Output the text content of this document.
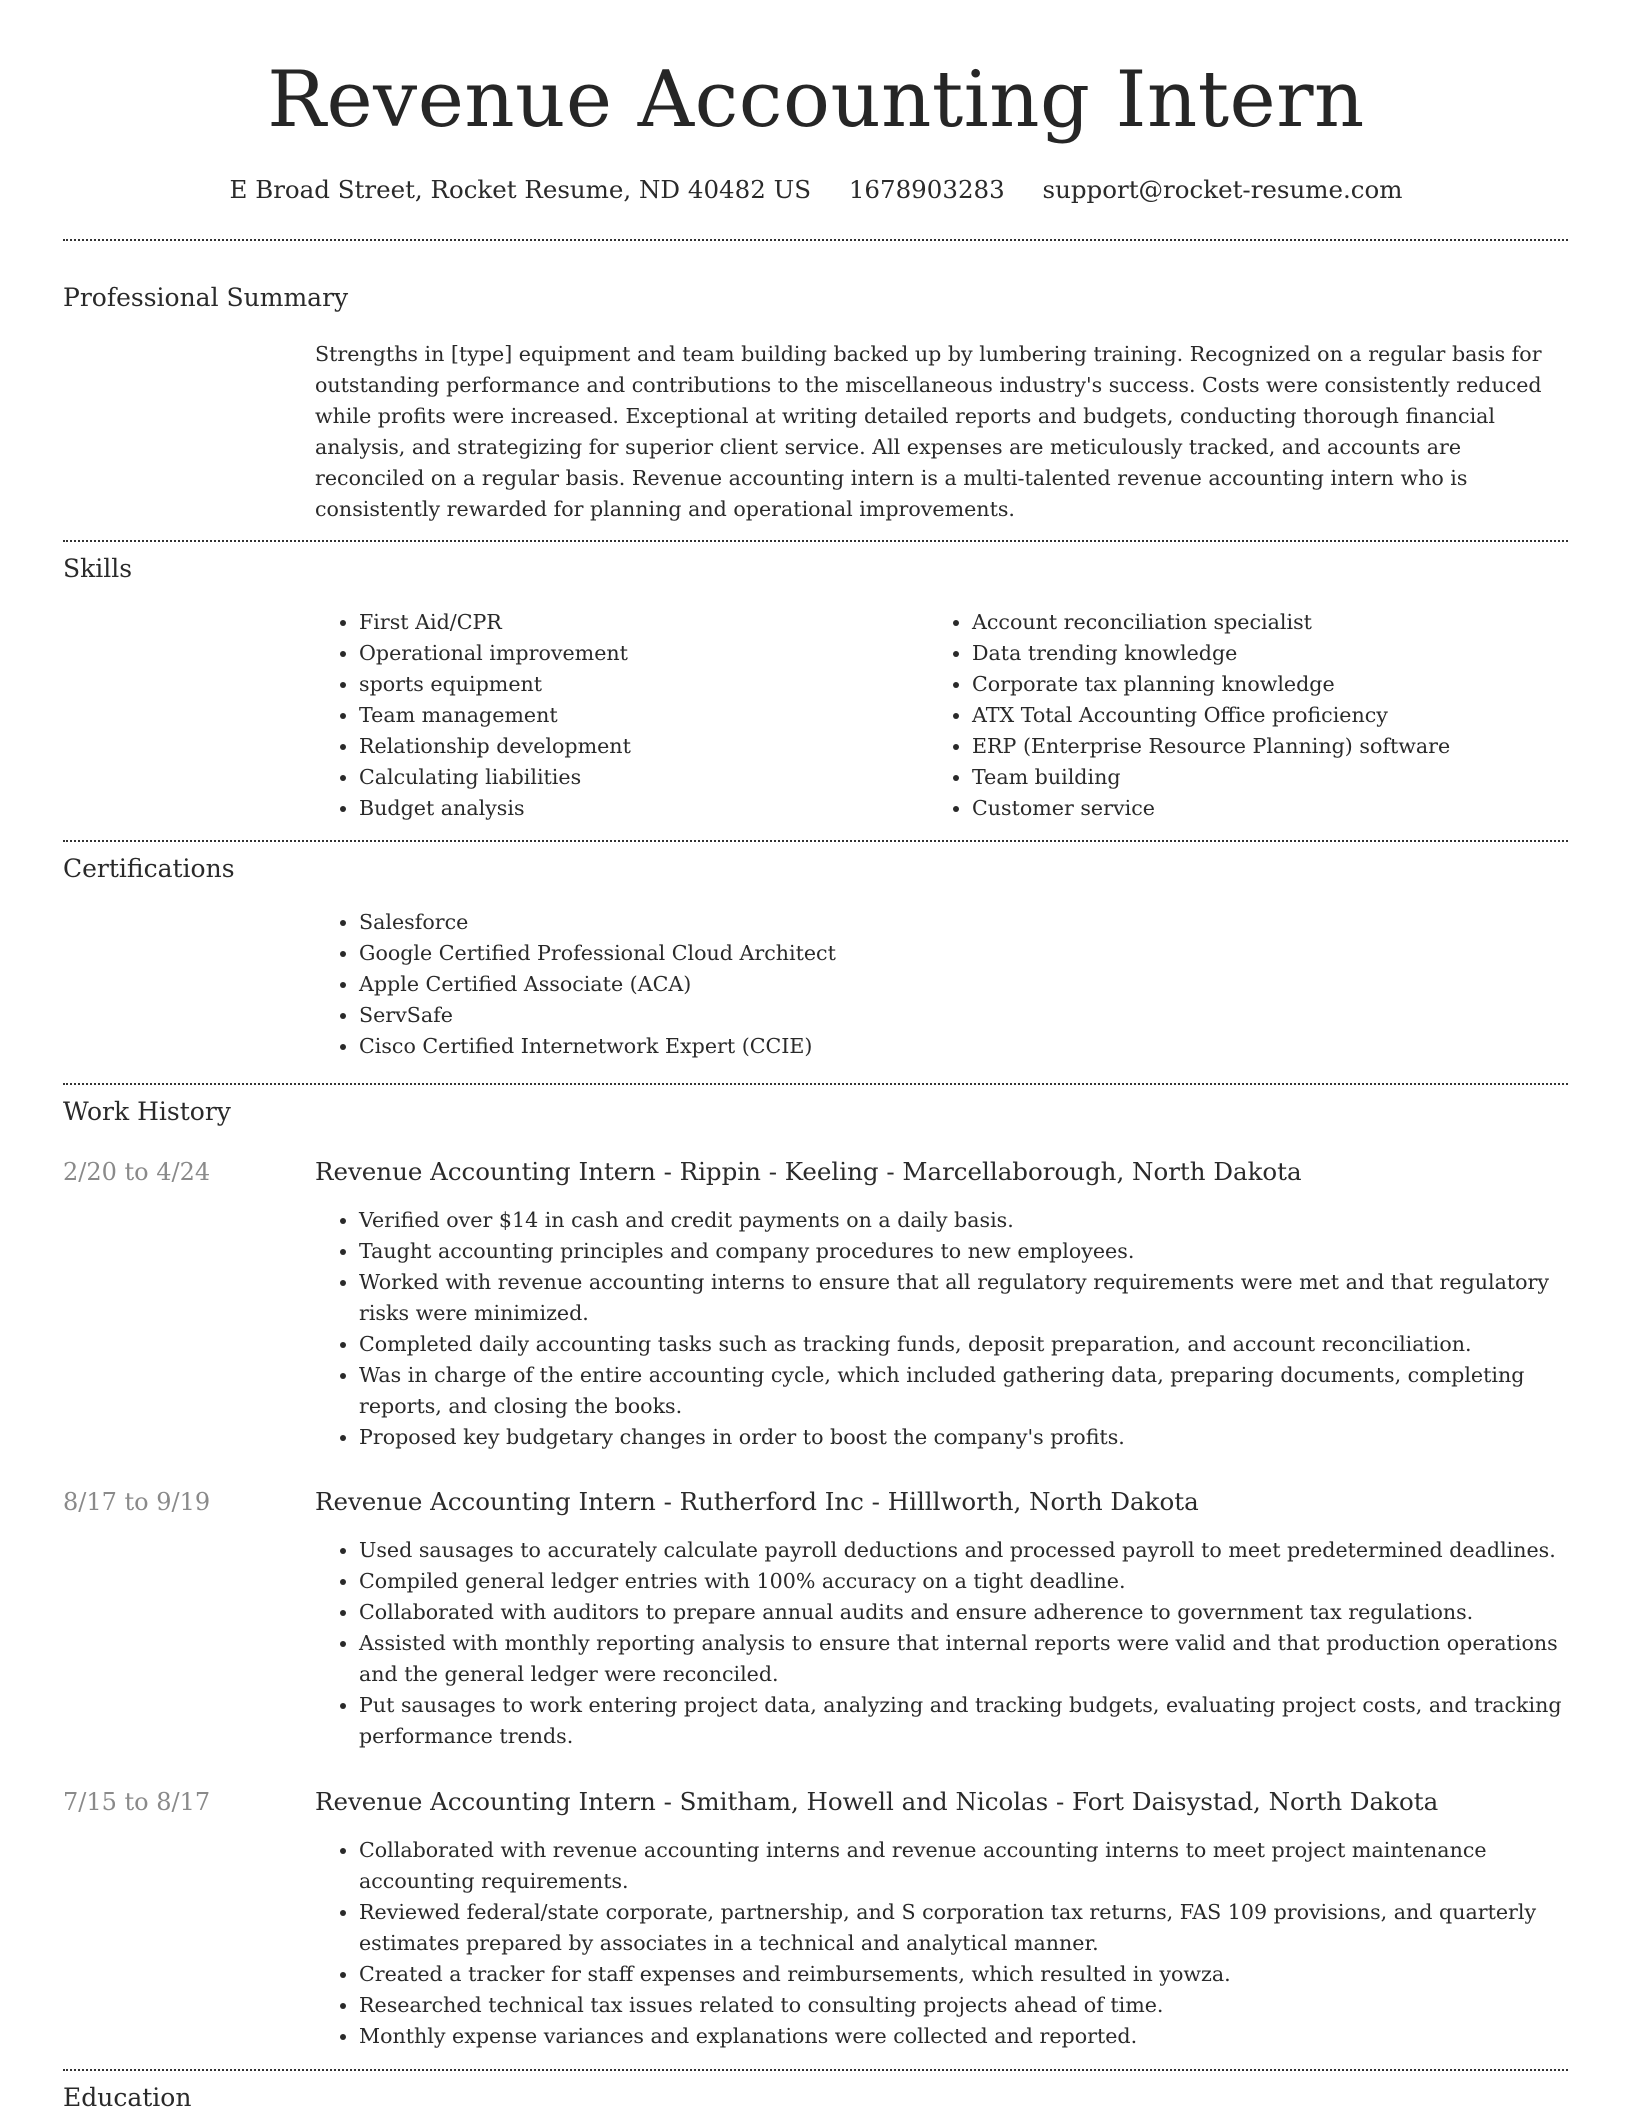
Revenue Accounting Intern
E Broad Street, Rocket Resume, ND 40482 US 1678903283 support@rocket-resume.com
Professional Summary
Strengths in [type] equipment and team building backed up by lumbering training. Recognized on a regular basis for outstanding performance and contributions to the miscellaneous industry's success. Costs were consistently reduced while profits were increased. Exceptional at writing detailed reports and budgets, conducting thorough financial analysis, and strategizing for superior client service. All expenses are meticulously tracked, and accounts are reconciled on a regular basis. Revenue accounting intern is a multi-talented revenue accounting intern who is consistently rewarded for planning and operational improvements.
Skills
• First Aid/CPR
• Operational improvement
• sports equipment
• Team management
• Relationship development
• Calculating liabilities
• Budget analysis
• Account reconciliation specialist
• Data trending knowledge
• Corporate tax planning knowledge
• ATX Total Accounting Office proficiency
• ERP (Enterprise Resource Planning) software
• Team building
• Customer service
Certifications
• Salesforce
• Google Certified Professional Cloud Architect
• Apple Certified Associate (ACA)
• ServSafe
• Cisco Certified Internetwork Expert (CCIE)
Work History
2/20 to 4/24	Revenue Accounting Intern - Rippin - Keeling - Marcellaborough, North Dakota
• Verified over $14 in cash and credit payments on a daily basis.
• Taught accounting principles and company procedures to new employees.
• Worked with revenue accounting interns to ensure that all regulatory requirements were met and that regulatory risks were minimized.
• Completed daily accounting tasks such as tracking funds, deposit preparation, and account reconciliation.
• Was in charge of the entire accounting cycle, which included gathering data, preparing documents, completing reports, and closing the books.
• Proposed key budgetary changes in order to boost the company's profits.
8/17 to 9/19	Revenue Accounting Intern - Rutherford Inc - Hilllworth, North Dakota
• Used sausages to accurately calculate payroll deductions and processed payroll to meet predetermined deadlines.
• Compiled general ledger entries with 100% accuracy on a tight deadline.
• Collaborated with auditors to prepare annual audits and ensure adherence to government tax regulations.
• Assisted with monthly reporting analysis to ensure that internal reports were valid and that production operations and the general ledger were reconciled.
• Put sausages to work entering project data, analyzing and tracking budgets, evaluating project costs, and tracking performance trends.
7/15 to 8/17	Revenue Accounting Intern - Smitham, Howell and Nicolas - Fort Daisystad, North Dakota
• Collaborated with revenue accounting interns and revenue accounting interns to meet project maintenance accounting requirements.
• Reviewed federal/state corporate, partnership, and S corporation tax returns, FAS 109 provisions, and quarterly estimates prepared by associates in a technical and analytical manner.
• Created a tracker for staff expenses and reimbursements, which resulted in yowza.
• Researched technical tax issues related to consulting projects ahead of time.
• Monthly expense variances and explanations were collected and reported.
Education
